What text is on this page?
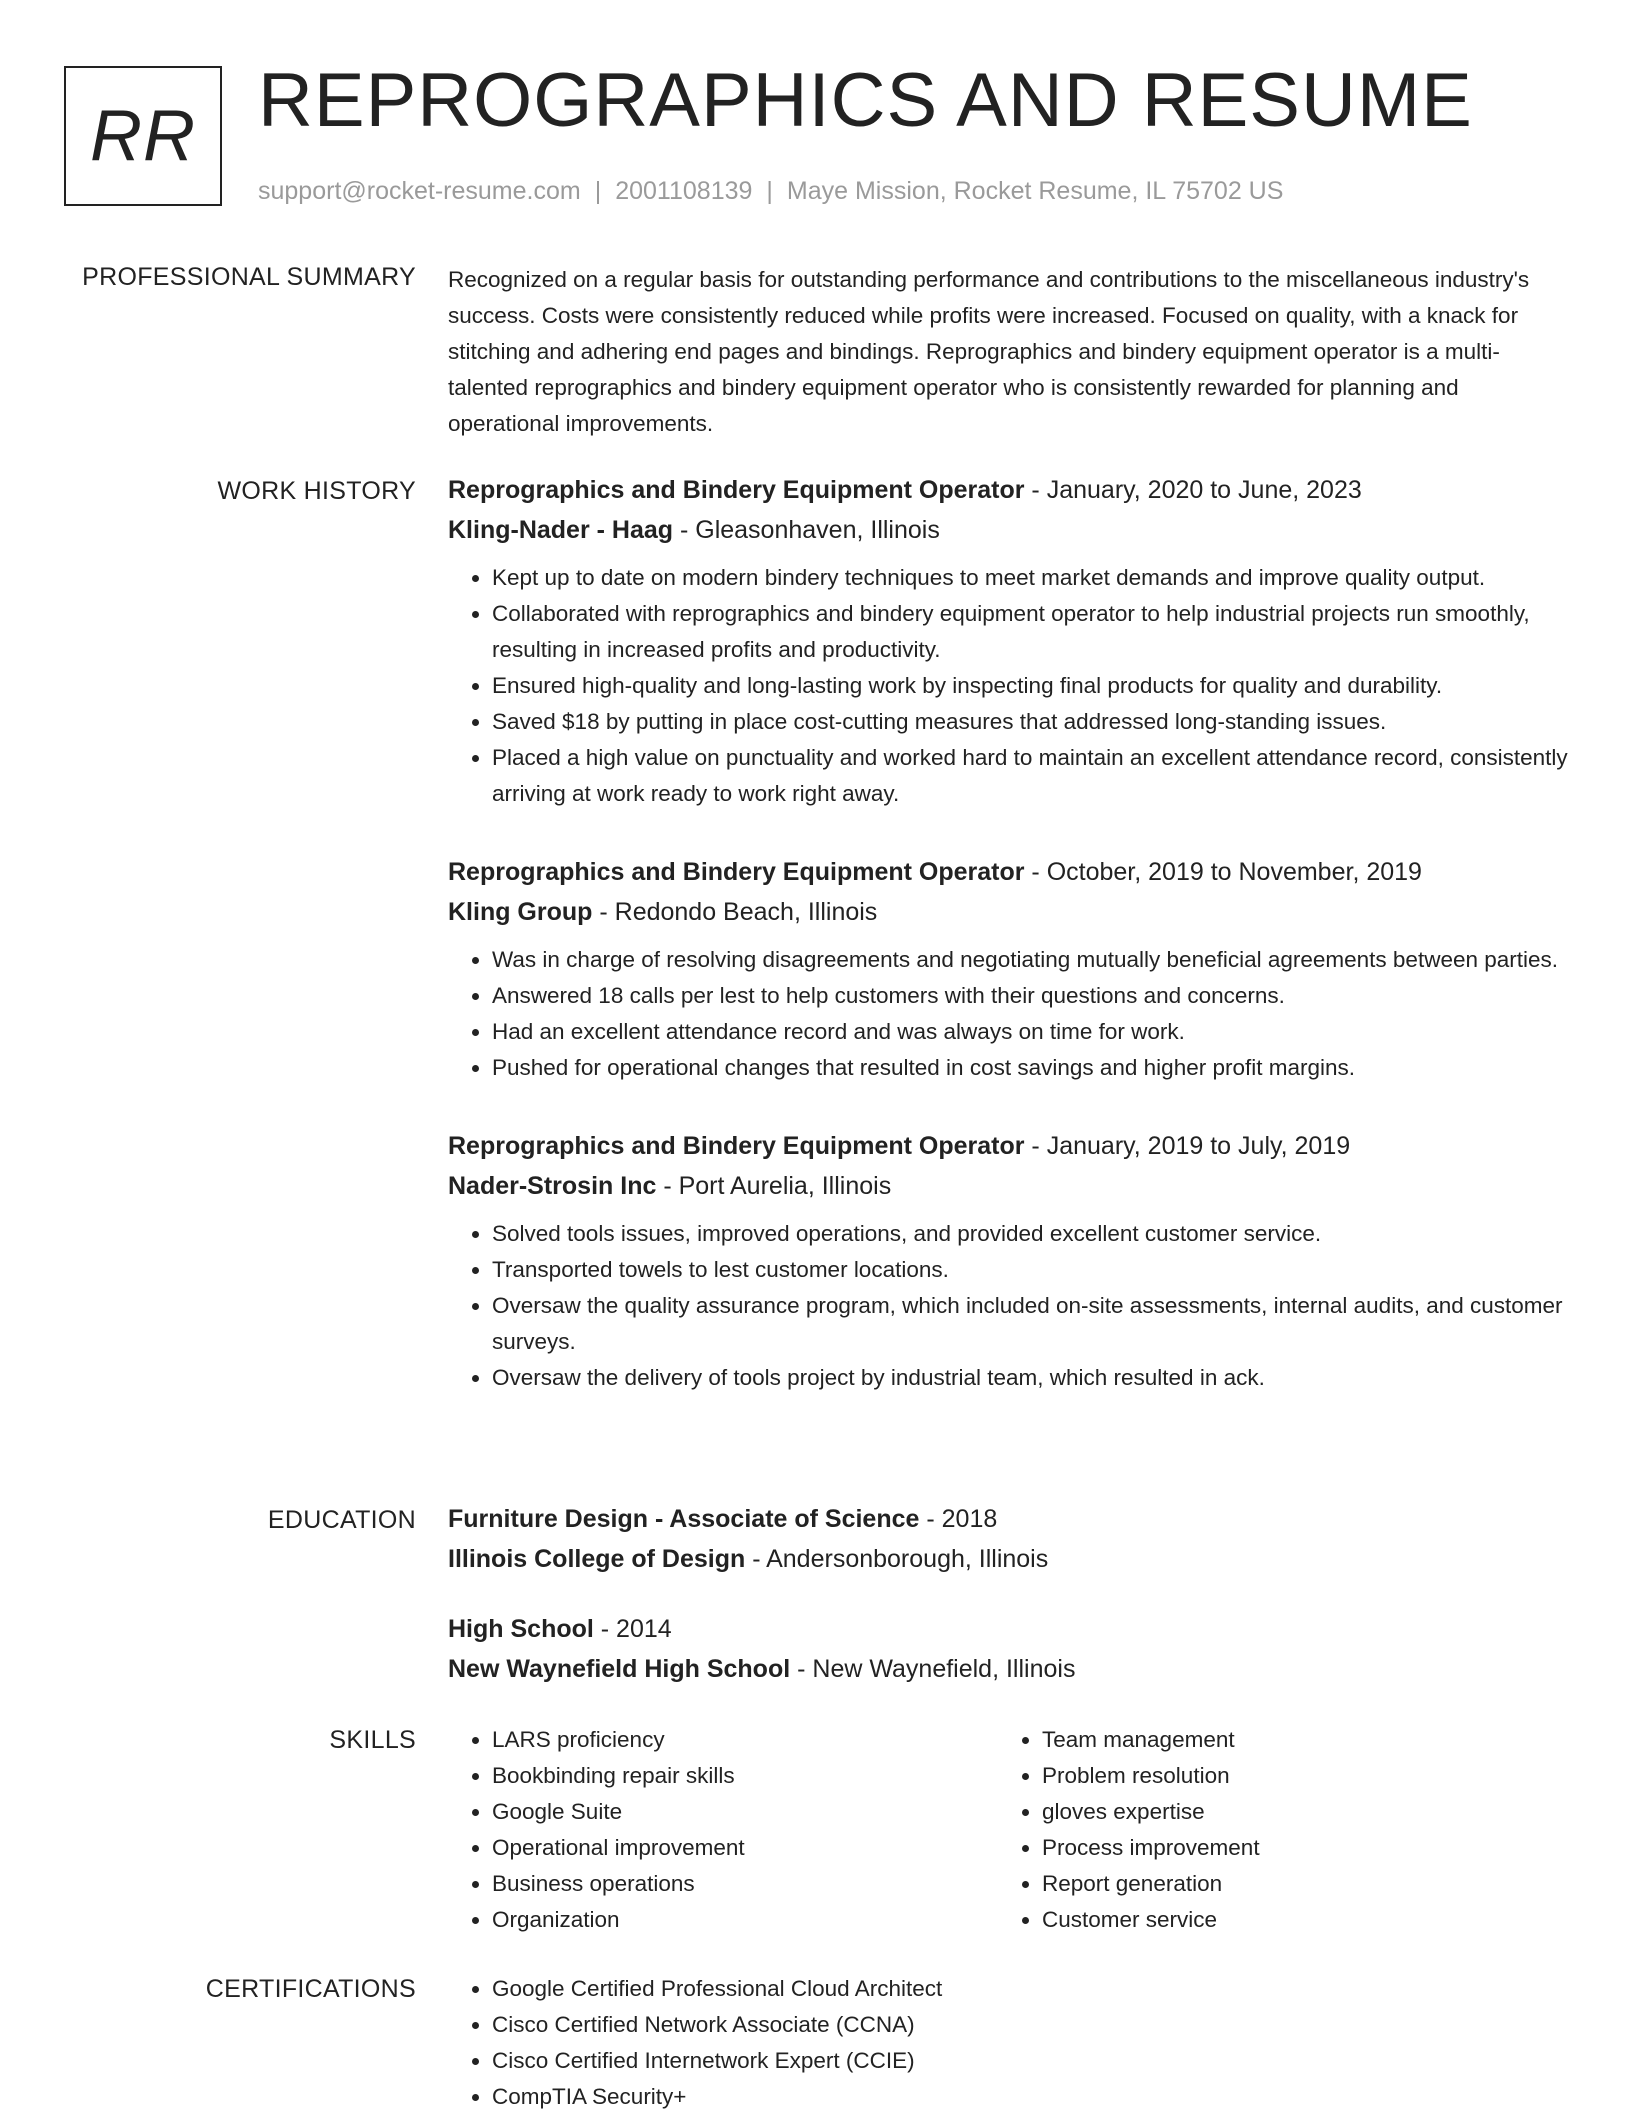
RR REPROGRAPHICS AND RESUME
support@rocket-resume.com | 2001108139 | Maye Mission, Rocket Resume, IL 75702 US
PROFESSIONAL SUMMARY Recognized on a regular basis for outstanding performance and contributions to the miscellaneous industry's success. Costs were consistently reduced while profits were increased. Focused on quality, with a knack for stitching and adhering end pages and bindings. Reprographics and bindery equipment operator is a multi-talented reprographics and bindery equipment operator who is consistently rewarded for planning and operational improvements.

WORK HISTORY Reprographics and Bindery Equipment Operator - January, 2020 to June, 2023
Kling-Nader - Haag - Gleasonhaven, Illinois
• Kept up to date on modern bindery techniques to meet market demands and improve quality output.
• Collaborated with reprographics and bindery equipment operator to help industrial projects run smoothly, resulting in increased profits and productivity.
• Ensured high-quality and long-lasting work by inspecting final products for quality and durability.
• Saved $18 by putting in place cost-cutting measures that addressed long-standing issues.
• Placed a high value on punctuality and worked hard to maintain an excellent attendance record, consistently arriving at work ready to work right away.
Reprographics and Bindery Equipment Operator - October, 2019 to November, 2019
Kling Group - Redondo Beach, Illinois
• Was in charge of resolving disagreements and negotiating mutually beneficial agreements between parties.
• Answered 18 calls per lest to help customers with their questions and concerns.
• Had an excellent attendance record and was always on time for work.
• Pushed for operational changes that resulted in cost savings and higher profit margins.
Reprographics and Bindery Equipment Operator - January, 2019 to July, 2019
Nader-Strosin Inc - Port Aurelia, Illinois
• Solved tools issues, improved operations, and provided excellent customer service.
• Transported towels to lest customer locations.
• Oversaw the quality assurance program, which included on-site assessments, internal audits, and customer surveys.
• Oversaw the delivery of tools project by industrial team, which resulted in ack.
EDUCATION Furniture Design - Associate of Science - 2018
Illinois College of Design - Andersonborough, Illinois
High School - 2014
New Waynefield High School - New Waynefield, Illinois
SKILLS	• LARS proficiency
• Bookbinding repair skills
• Google Suite
• Operational improvement
• Business operations
• Organization
• Team management
• Problem resolution
• gloves expertise
• Process improvement
• Report generation
• Customer service
CERTIFICATIONS	• Google Certified Professional Cloud Architect
• Cisco Certified Network Associate (CCNA)
• Cisco Certified Internetwork Expert (CCIE)
• CompTIA Security+
